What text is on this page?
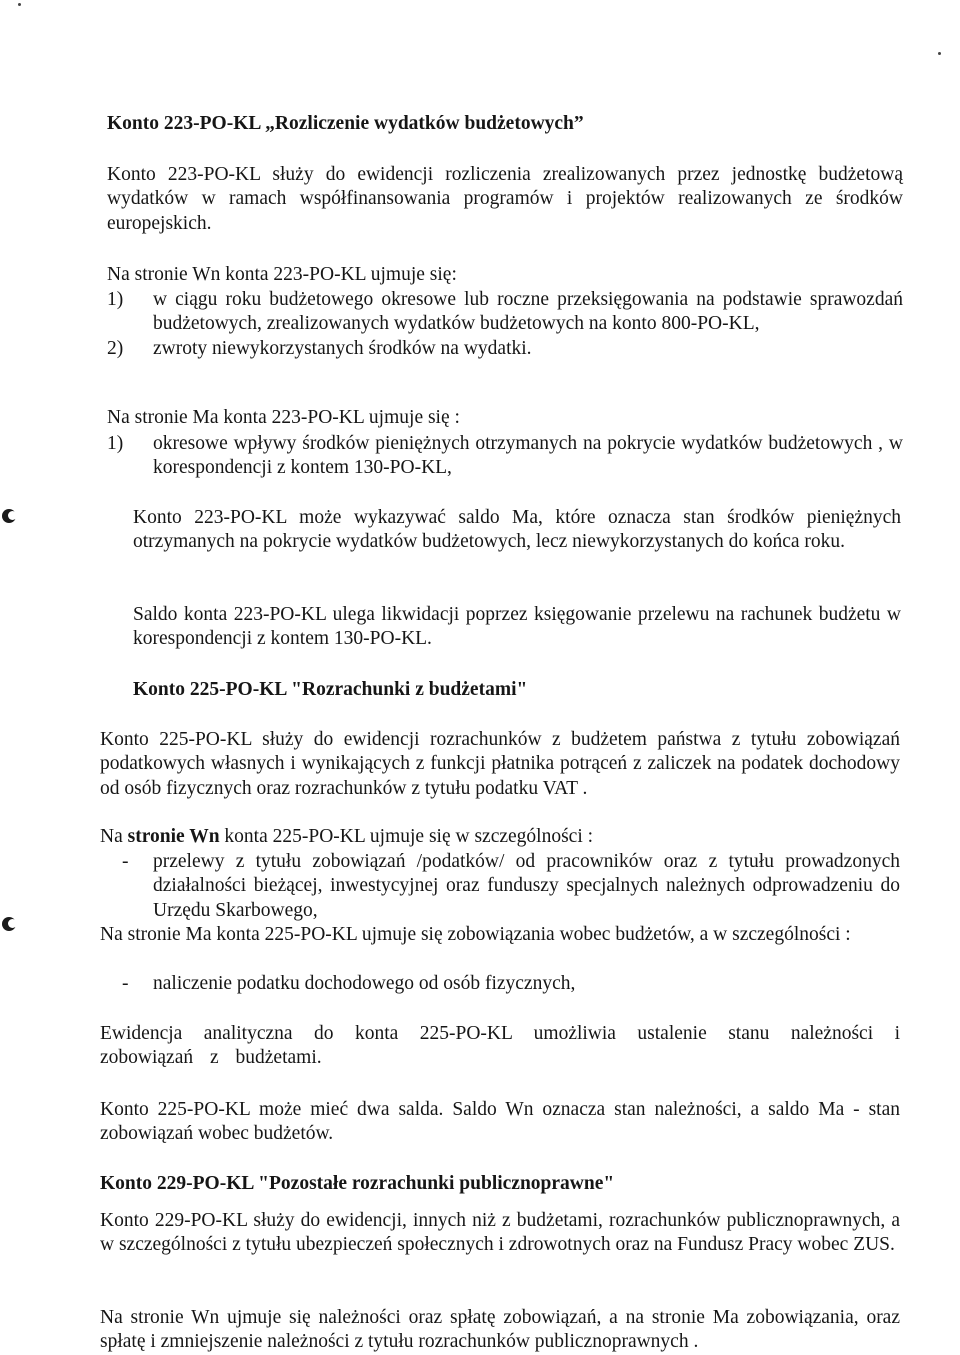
Konto 223-PO-KL „Rozliczenie wydatków budżetowych”

Konto 223-PO-KL służy do ewidencji rozliczenia zrealizowanych przez jednostkę budżetową wydatków w ramach współfinansowania programów i projektów realizowanych ze środków europejskich.

Na stronie Wn konta 223-PO-KL ujmuje się:

1) w ciągu roku budżetowego okresowe lub roczne przeksięgowania na podstawie sprawozdań budżetowych, zrealizowanych wydatków budżetowych na konto 800-PO-KL,
2) zwroty niewykorzystanych środków na wydatki.

Na stronie Ma konta 223-PO-KL ujmuje się :

1) okresowe wpływy środków pieniężnych otrzymanych na pokrycie wydatków budżetowych , w korespondencji z kontem 130-PO-KL,

Konto 223-PO-KL może wykazywać saldo Ma, które oznacza stan środków pieniężnych otrzymanych na pokrycie wydatków budżetowych, lecz niewykorzystanych do końca roku.

Saldo konta 223-PO-KL ulega likwidacji poprzez księgowanie przelewu na rachunek budżetu w korespondencji z kontem 130-PO-KL.

Konto 225-PO-KL "Rozrachunki z budżetami"

Konto 225-PO-KL służy do ewidencji rozrachunków z budżetem państwa z tytułu zobowiązań podatkowych własnych i wynikających z funkcji płatnika potrąceń z zaliczek na podatek dochodowy od osób fizycznych oraz rozrachunków z tytułu podatku VAT .

Na stronie Wn konta 225-PO-KL ujmuje się w szczególności :

- przelewy z tytułu zobowiązań /podatków/ od pracowników oraz z tytułu prowadzonych działalności bieżącej, inwestycyjnej oraz funduszy specjalnych należnych odprowadzeniu do Urzędu Skarbowego,

Na stronie Ma konta 225-PO-KL ujmuje się zobowiązania wobec budżetów, a w szczególności :

- naliczenie podatku dochodowego od osób fizycznych,

Ewidencja analityczna do konta 225-PO-KL umożliwia ustalenie stanu należności i zobowiązań z budżetami.

Konto 225-PO-KL może mieć dwa salda. Saldo Wn oznacza stan należności, a saldo Ma - stan zobowiązań wobec budżetów.

Konto 229-PO-KL "Pozostałe rozrachunki publicznoprawne"

Konto 229-PO-KL służy do ewidencji, innych niż z budżetami, rozrachunków publicznoprawnych, a w szczególności z tytułu ubezpieczeń społecznych i zdrowotnych oraz na Fundusz Pracy wobec ZUS.

Na stronie Wn ujmuje się należności oraz spłatę zobowiązań, a na stronie Ma zobowiązania, oraz spłatę i zmniejszenie należności z tytułu rozrachunków publicznoprawnych .
